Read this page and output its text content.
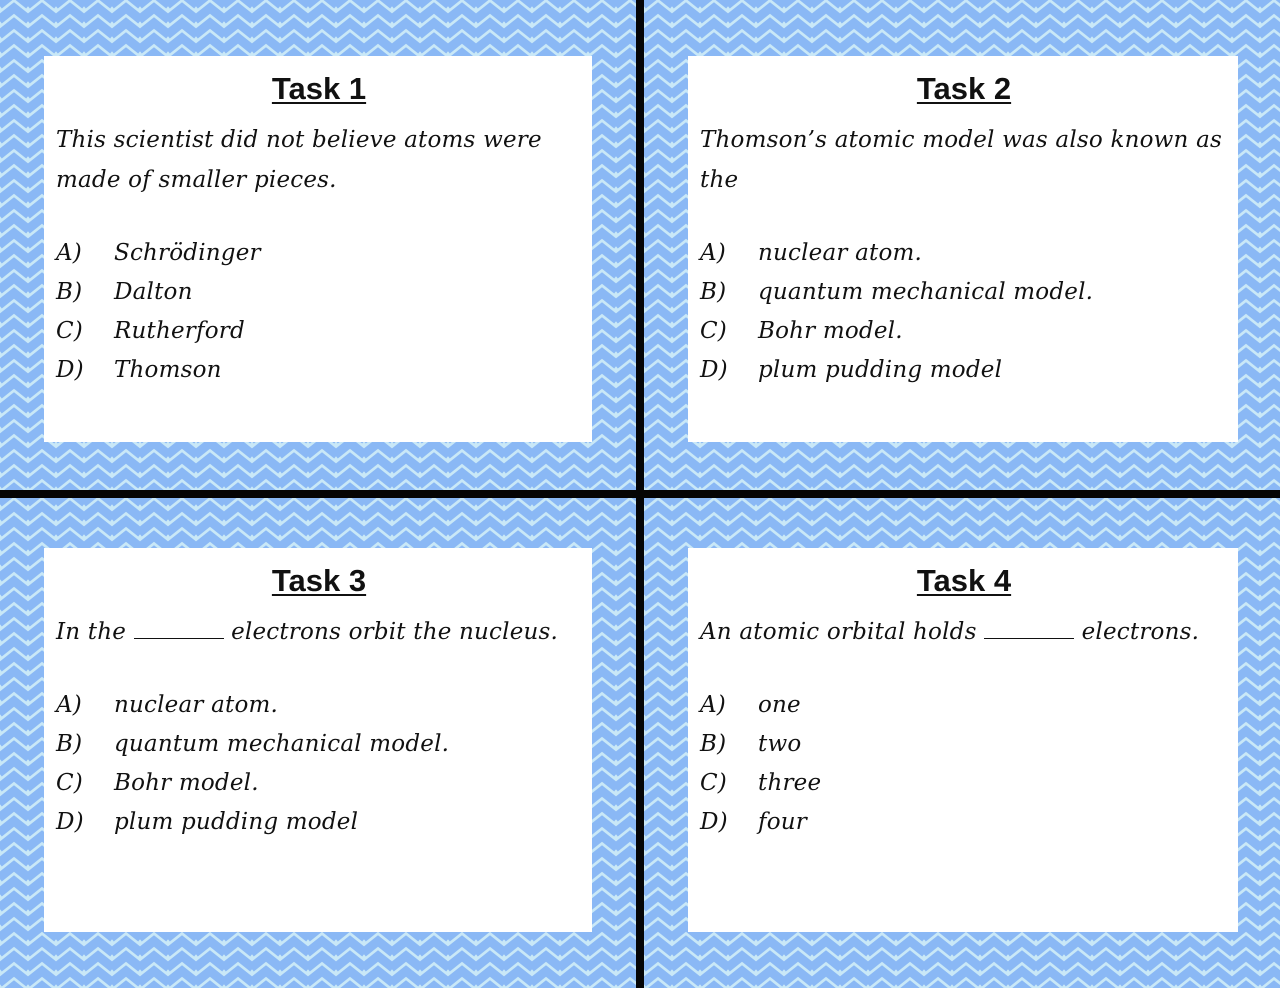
Task 1
This scientist did not believe atoms were made of smaller pieces.
A)	Schrödinger
B)	Dalton
C)	Rutherford
D)	Thomson
Task 2
Thomson’s atomic model was also known as the
A)	nuclear atom.
B)	quantum mechanical model.
C)	Bohr model.
D)	plum pudding model
Task 3
In the	electrons orbit the nucleus.
A)	nuclear atom.
B)	quantum mechanical model.
C)	Bohr model.
D)	plum pudding model
Task 4
An atomic orbital holds	electrons.
A)	one
B)	two
C)	three
D)	four
